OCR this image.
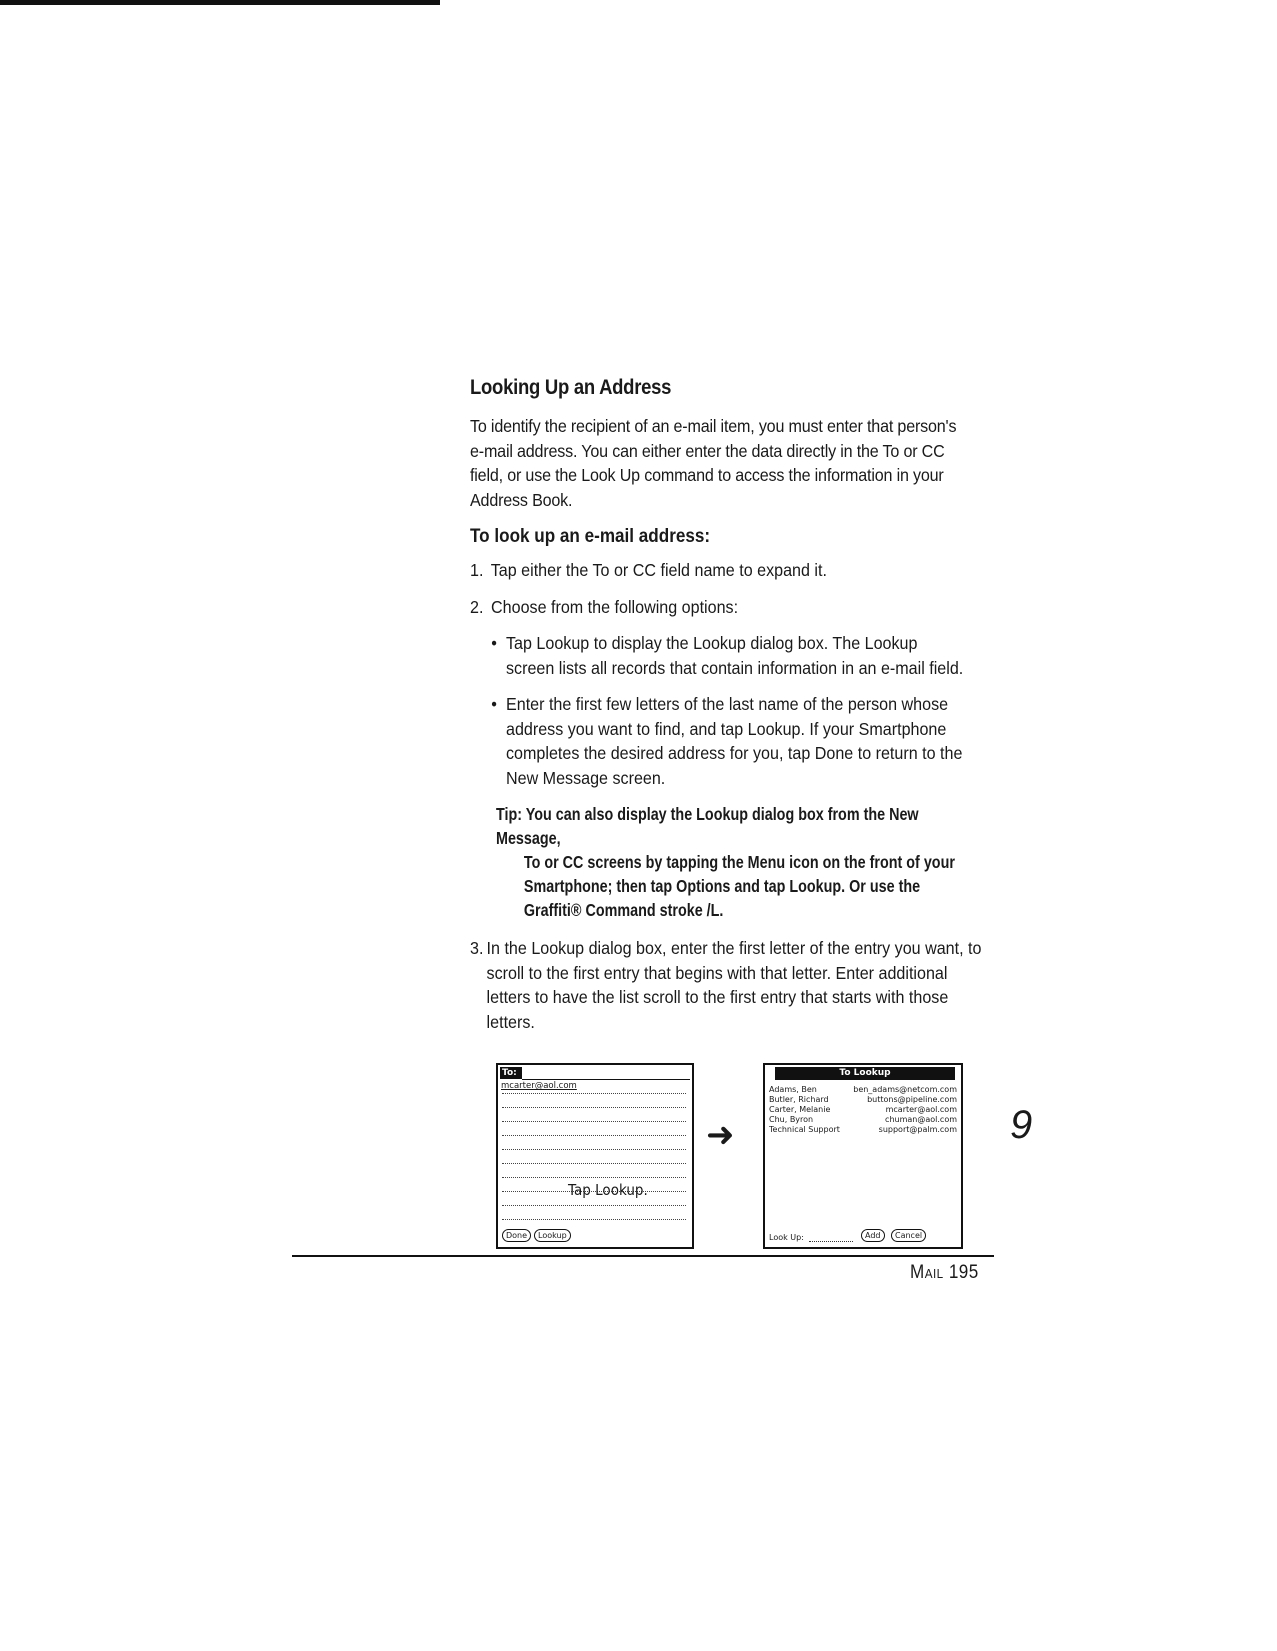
Looking Up an Address

To identify the recipient of an e-mail item, you must enter that person's e-mail address. You can either enter the data directly in the To or CC field, or use the Look Up command to access the information in your Address Book.

To look up an e-mail address:
1. Tap either the To or CC field name to expand it.
2. Choose from the following options:
• Tap Lookup to display the Lookup dialog box. The Lookup screen lists all records that contain information in an e-mail field.
• Enter the first few letters of the last name of the person whose address you want to find, and tap Lookup. If your Smartphone completes the desired address for you, tap Done to return to the New Message screen.
Tip: You can also display the Lookup dialog box from the New Message,
To or CC screens by tapping the Menu icon on the front of your Smartphone; then tap Options and tap Lookup. Or use the Graffiti® Command stroke /L.
3. In the Lookup dialog box, enter the first letter of the entry you want, to scroll to the first entry that begins with that letter. Enter additional letters to have the list scroll to the first entry that starts with those letters.
To:
mcarter@aol.com
Tap Lookup.
Done	Lookup
➜
To Lookup
Adams, Ben	ben_adams@netcom.com
Butler, Richard	buttons@pipeline.com
Carter, Melanie	mcarter@aol.com
Chu, Byron	chuman@aol.com
Technical Support	support@palm.com
Look Up:	Add	Cancel
9
Mail 195
